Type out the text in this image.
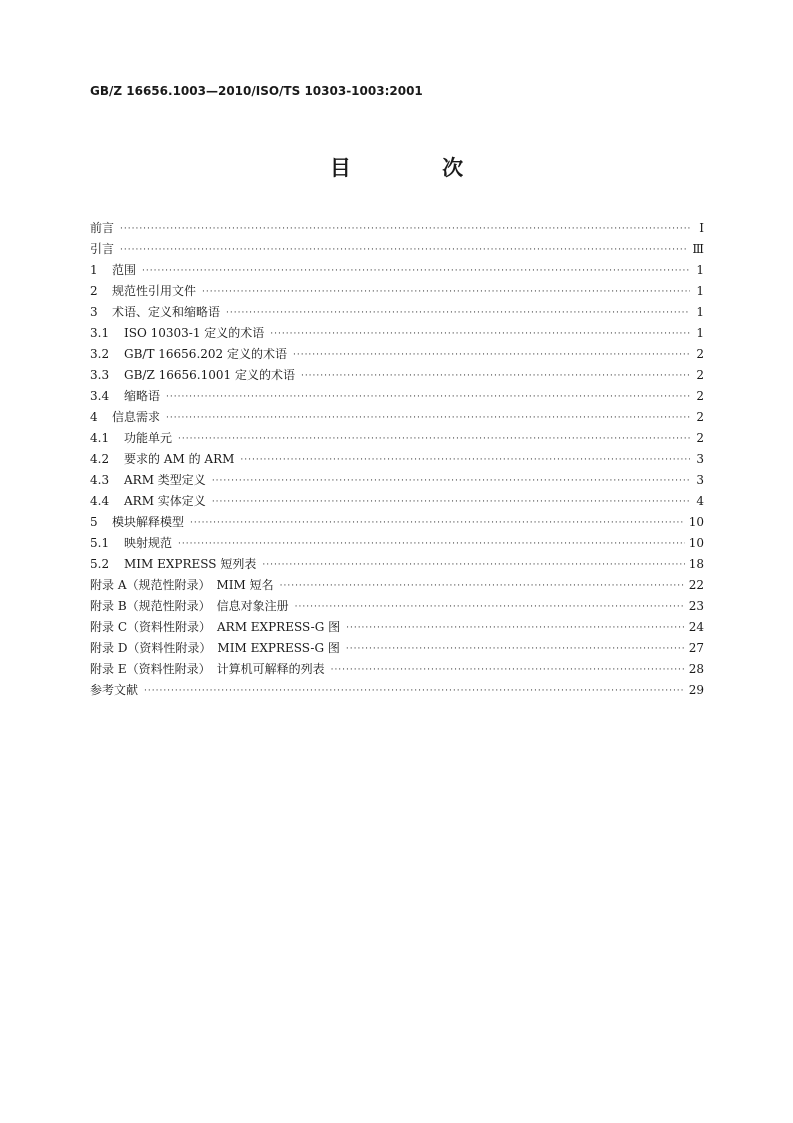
GB/Z 16656.1003—2010/ISO/TS 10303-1003:2001
目 次
前言 ·····	Ⅰ
引言 ·····	Ⅲ
1	范围 ·····	1
2	规范性引用文件 ·····	1
3	术语、定义和缩略语 ·····	1
3.1	ISO 10303-1 定义的术语 ·····	1
3.2	GB/T 16656.202 定义的术语 ·····	2
3.3	GB/Z 16656.1001 定义的术语 ·····	2
3.4	缩略语 ·····	2
4	信息需求 ·····	2
4.1	功能单元 ·····	2
4.2	要求的 AM 的 ARM ·····	3
4.3	ARM 类型定义 ·····	3
4.4	ARM 实体定义 ·····	4
5	模块解释模型 ·····	10
5.1	映射规范 ·····	10
5.2	MIM EXPRESS 短列表 ·····	18
附录 A（规范性附录）　MIM 短名 ·····	22
附录 B（规范性附录）　信息对象注册 ·····	23
附录 C（资料性附录）　ARM EXPRESS-G 图 ·····	24
附录 D（资料性附录）　MIM EXPRESS-G 图 ·····	27
附录 E（资料性附录）　计算机可解释的列表 ·····	28
参考文献 ·····	29
